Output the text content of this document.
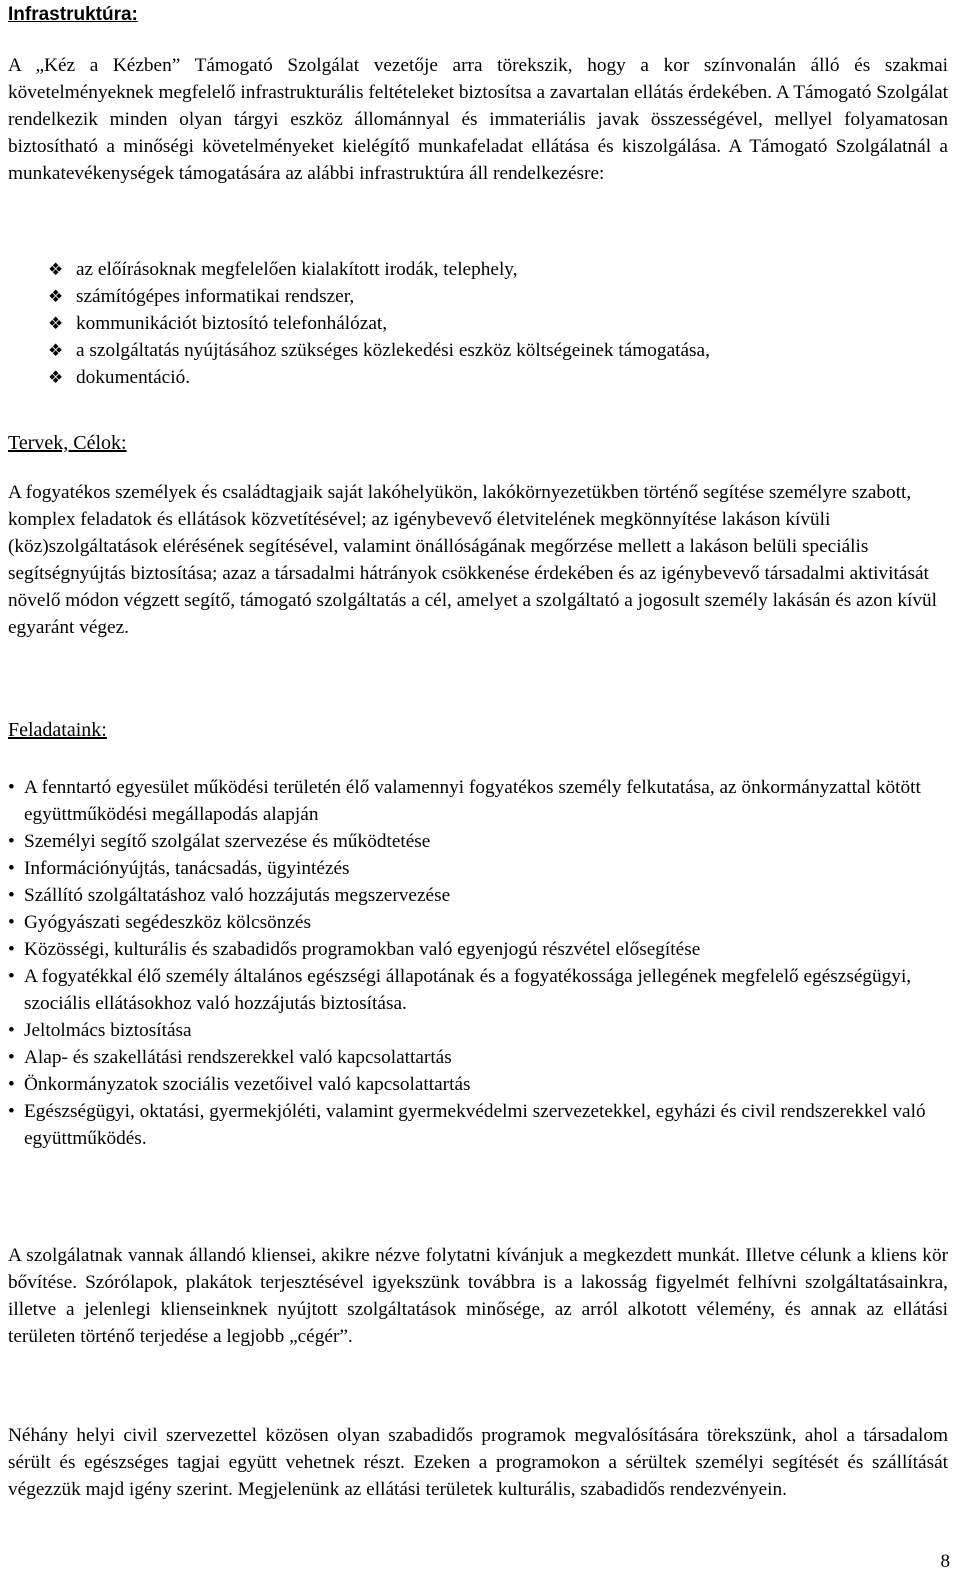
Infrastruktúra:

A „Kéz a Kézben” Támogató Szolgálat vezetője arra törekszik, hogy a kor színvonalán álló és szakmai követelményeknek megfelelő infrastrukturális feltételeket biztosítsa a zavartalan ellátás érdekében. A Támogató Szolgálat rendelkezik minden olyan tárgyi eszköz állománnyal és immateriális javak összességével, mellyel folyamatosan biztosítható a minőségi követelményeket kielégítő munkafeladat ellátása és kiszolgálása. A Támogató Szolgálatnál a munkatevékenységek támogatására az alábbi infrastruktúra áll rendelkezésre:

❖ az előírásoknak megfelelően kialakított irodák, telephely,
❖ számítógépes informatikai rendszer,
❖ kommunikációt biztosító telefonhálózat,
❖ a szolgáltatás nyújtásához szükséges közlekedési eszköz költségeinek támogatása,
❖ dokumentáció.
Tervek, Célok:

A fogyatékos személyek és családtagjaik saját lakóhelyükön, lakókörnyezetükben történő segítése személyre szabott, komplex feladatok és ellátások közvetítésével; az igénybevevő életvitelének megkönnyítése lakáson kívüli (köz)szolgáltatások elérésének segítésével, valamint önállóságának megőrzése mellett a lakáson belüli speciális segítségnyújtás biztosítása; azaz a társadalmi hátrányok csökkenése érdekében és az igénybevevő társadalmi aktivitását növelő módon végzett segítő, támogató szolgáltatás a cél, amelyet a szolgáltató a jogosult személy lakásán és azon kívül egyaránt végez.

Feladataink:
• A fenntartó egyesület működési területén élő valamennyi fogyatékos személy felkutatása, az önkormányzattal kötött együttműködési megállapodás alapján
• Személyi segítő szolgálat szervezése és működtetése
• Információnyújtás, tanácsadás, ügyintézés
• Szállító szolgáltatáshoz való hozzájutás megszervezése
• Gyógyászati segédeszköz kölcsönzés
• Közösségi, kulturális és szabadidős programokban való egyenjogú részvétel elősegítése
• A fogyatékkal élő személy általános egészségi állapotának és a fogyatékossága jellegének megfelelő egészségügyi, szociális ellátásokhoz való hozzájutás biztosítása.
• Jeltolmács biztosítása
• Alap- és szakellátási rendszerekkel való kapcsolattartás
• Önkormányzatok szociális vezetőivel való kapcsolattartás
• Egészségügyi, oktatási, gyermekjóléti, valamint gyermekvédelmi szervezetekkel, egyházi és civil rendszerekkel való együttműködés.

A szolgálatnak vannak állandó kliensei, akikre nézve folytatni kívánjuk a megkezdett munkát. Illetve célunk a kliens kör bővítése. Szórólapok, plakátok terjesztésével igyekszünk továbbra is a lakosság figyelmét felhívni szolgáltatásainkra, illetve a jelenlegi klienseinknek nyújtott szolgáltatások minősége, az arról alkotott vélemény, és annak az ellátási területen történő terjedése a legjobb „cégér”.

Néhány helyi civil szervezettel közösen olyan szabadidős programok megvalósítására törekszünk, ahol a társadalom sérült és egészséges tagjai együtt vehetnek részt. Ezeken a programokon a sérültek személyi segítését és szállítását végezzük majd igény szerint. Megjelenünk az ellátási területek kulturális, szabadidős rendezvényein.

8
